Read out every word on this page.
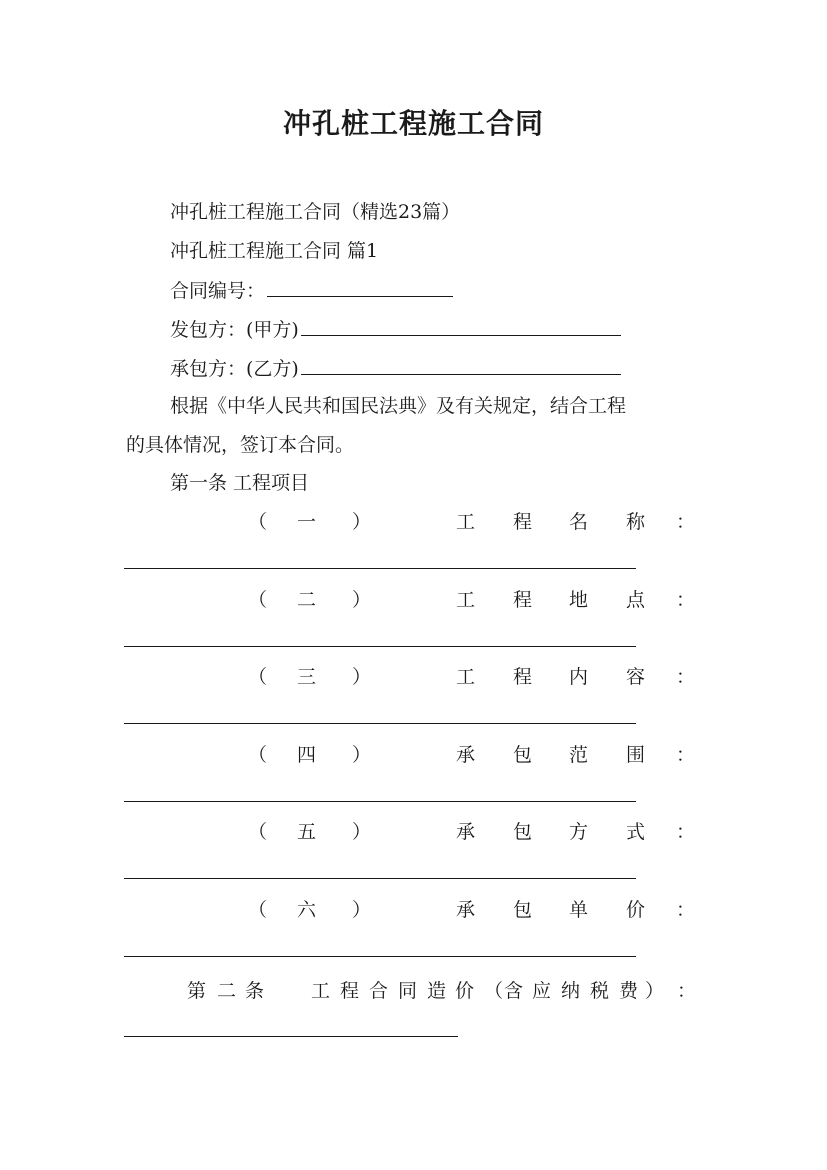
冲孔桩工程施工合同
冲孔桩工程施工合同（精选23篇）
冲孔桩工程施工合同 篇1
合同编号：
发包方：(甲方)
承包方：(乙方)
根据《中华人民共和国民法典》及有关规定，结合工程
的具体情况，签订本合同。
第一条 工程项目
（ 一 ）	工 程 名 称 ：
（ 二 ）	工 程 地 点 ：
（ 三 ）	工 程 内 容 ：
（ 四 ）	承 包 范 围 ：
（ 五 ）	承 包 方 式 ：
（ 六 ）	承 包 单 价 ：
第 二 条 工 程 合 同 造 价 （ 含 应 纳 税 费 ） ：
